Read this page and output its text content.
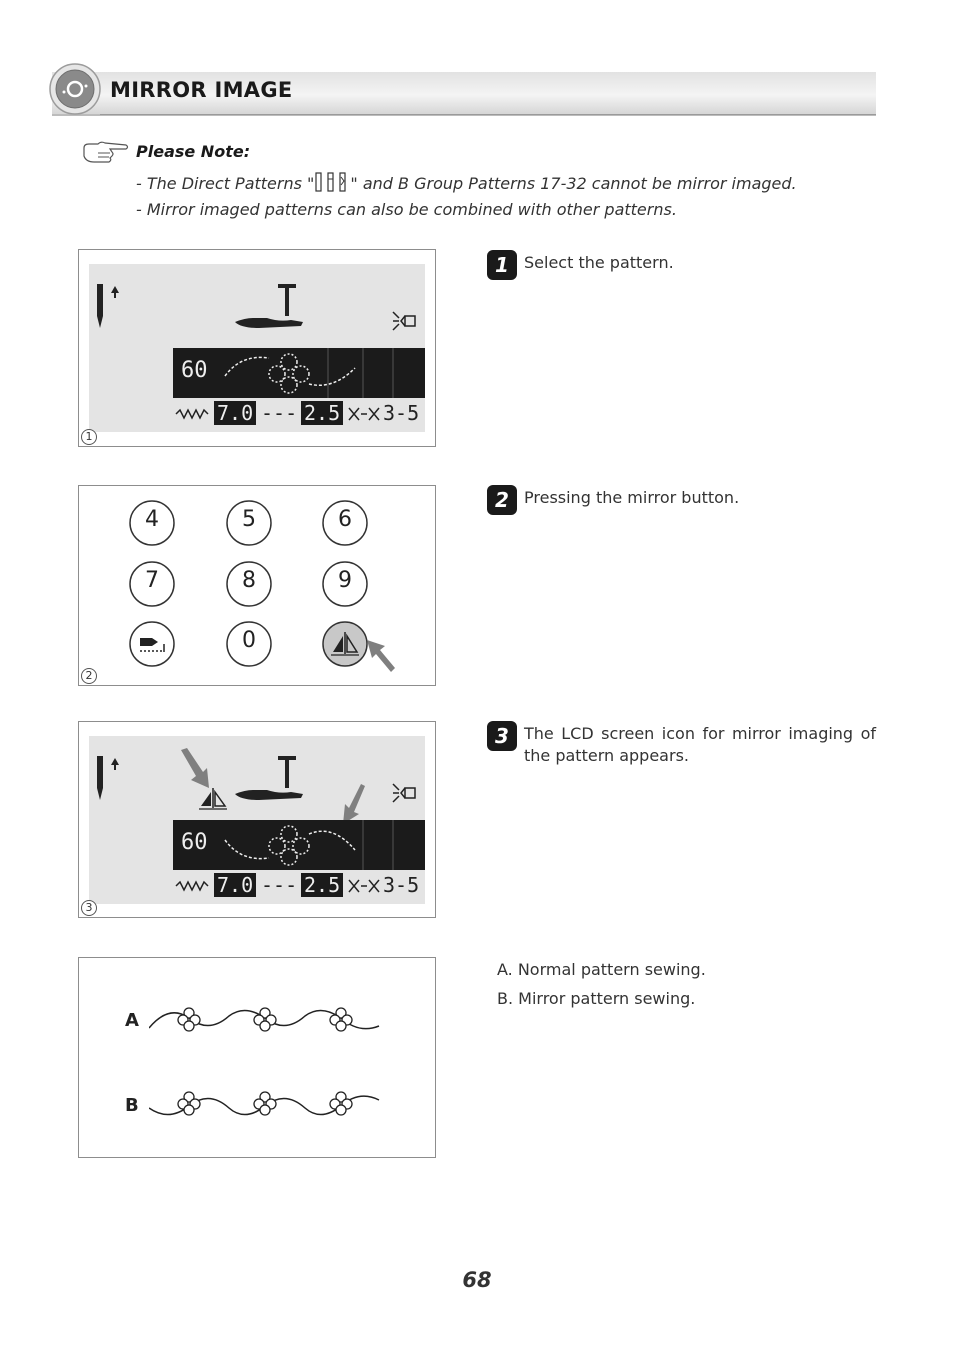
MIRROR IMAGE
Please Note:
- The Direct Patterns " " and B Group Patterns 17-32 cannot be mirror imaged.
- Mirror imaged patterns can also be combined with other patterns.
60
7.0 --- 2.5 3-5
1
4	5	6
7	8	9
0
2
60
7.0 --- 2.5 3-5
3
A
B
1 Select the pattern.
2 Pressing the mirror button.
3 The LCD screen icon for mirror imaging of the pattern appears.
A. Normal pattern sewing.
B. Mirror pattern sewing.
68
